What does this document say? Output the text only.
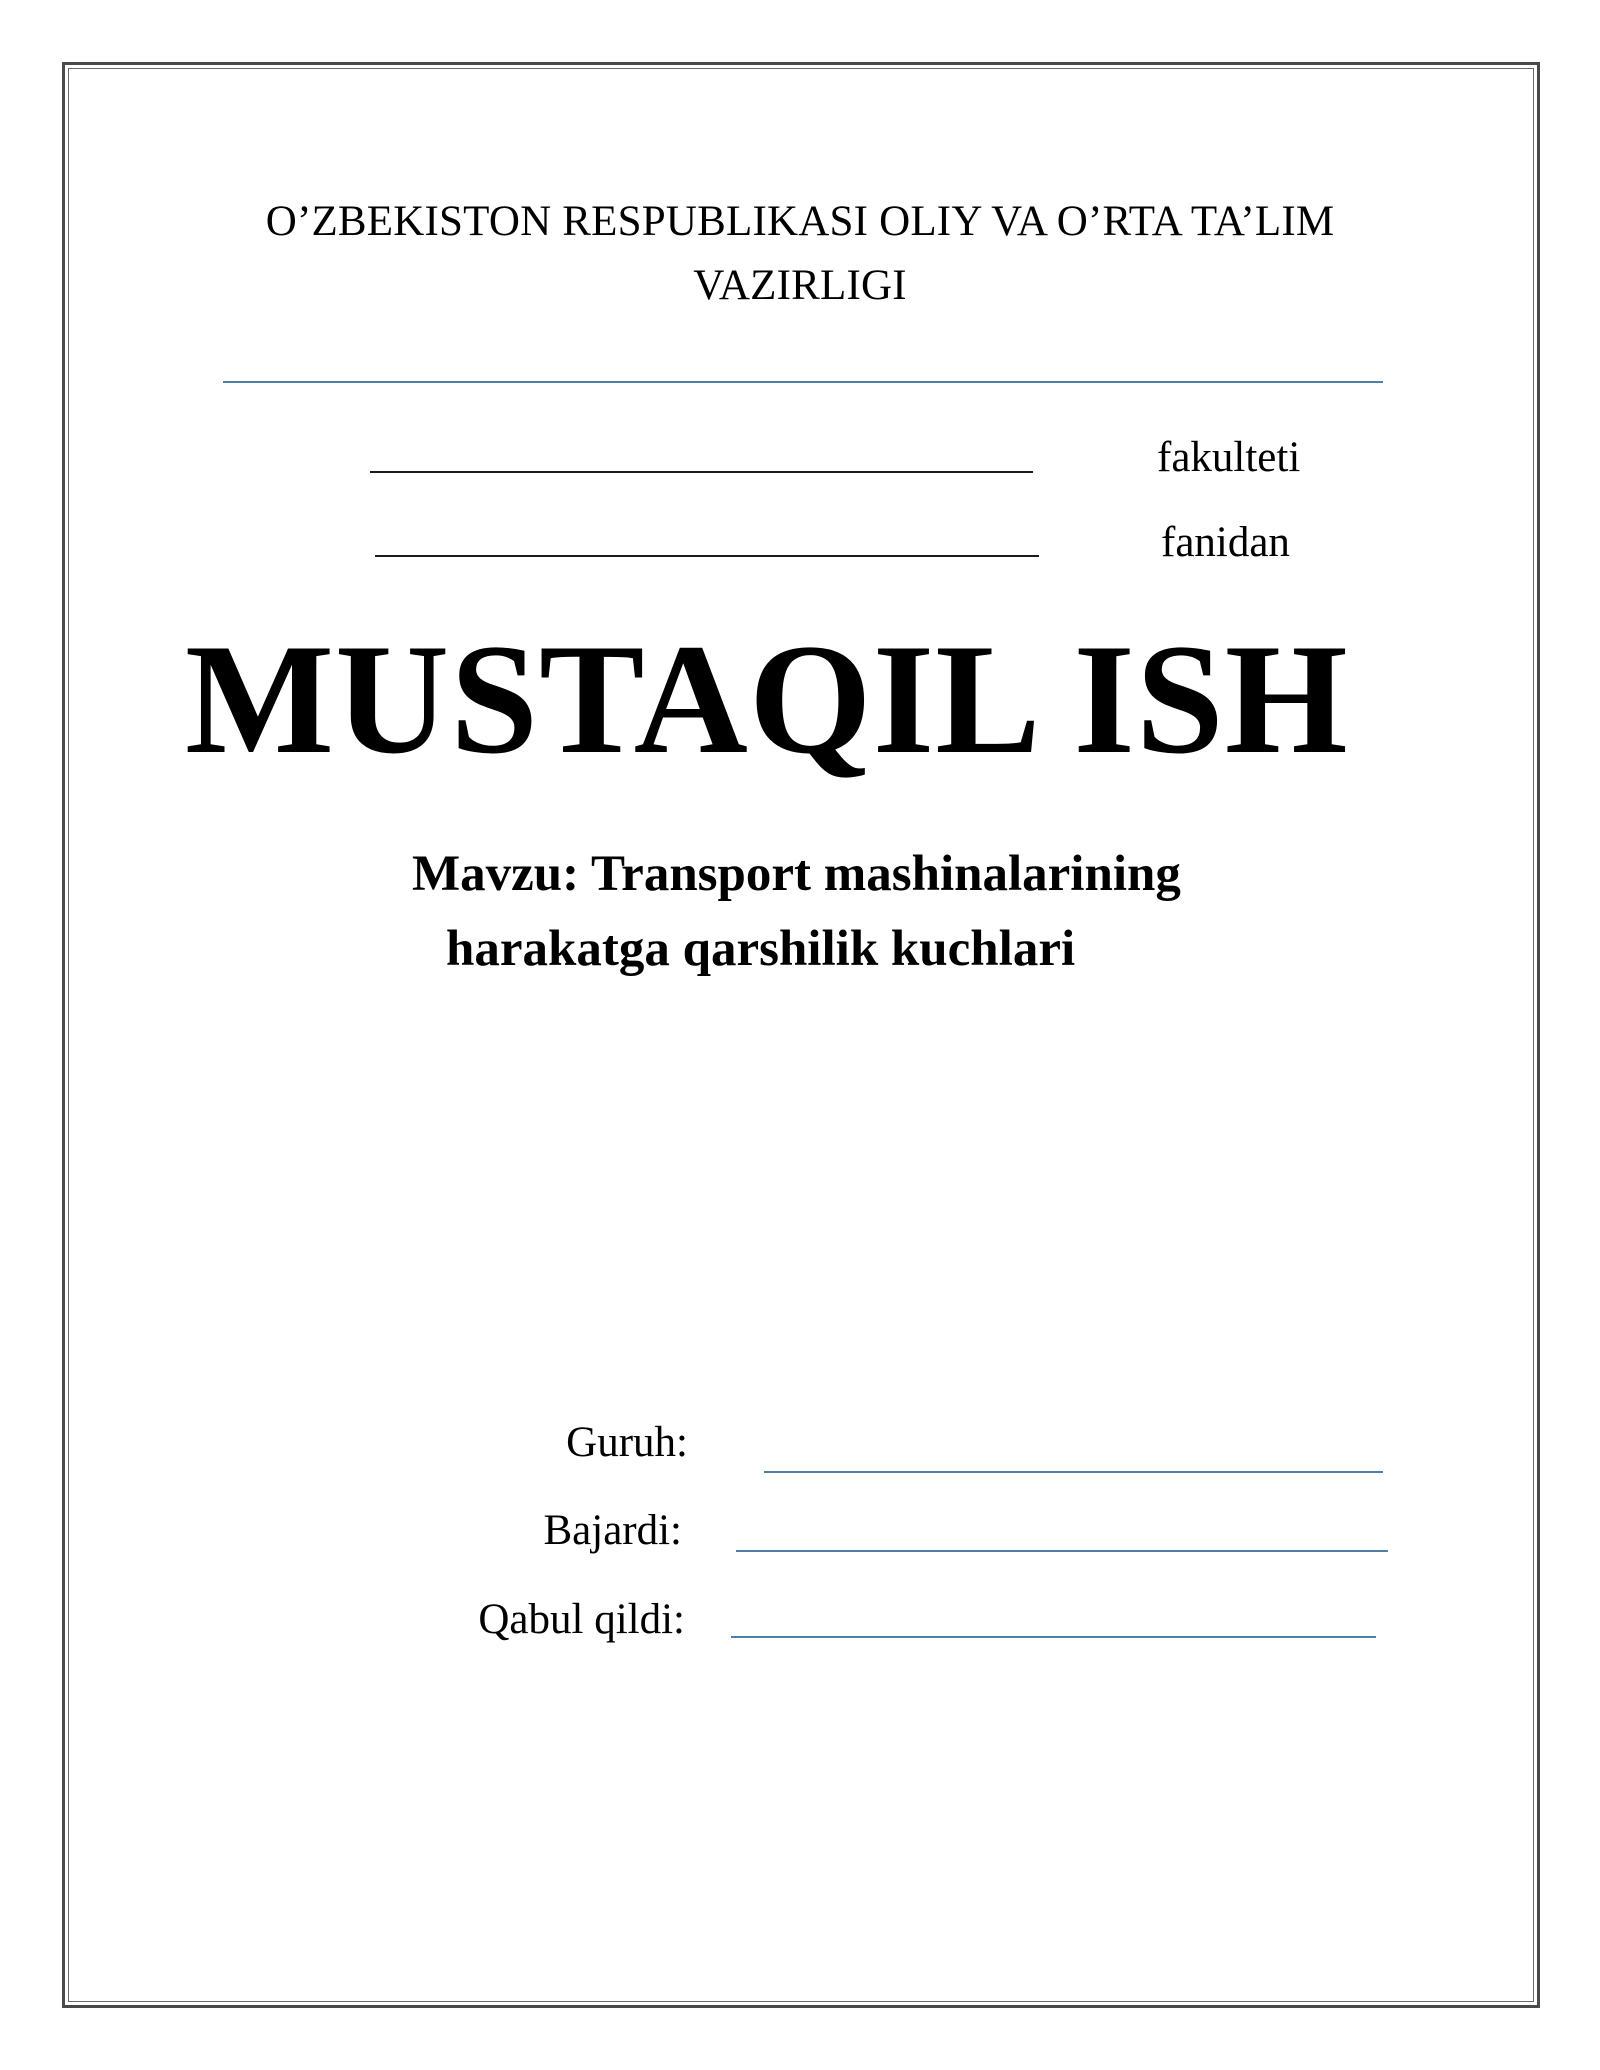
O’ZBEKISTON RESPUBLIKASI OLIY VA O’RTA TA’LIM
VAZIRLIGI
fakulteti
fanidan
MUSTAQIL ISH
Mavzu: Transport mashinalarining
harakatga qarshilik kuchlari
Guruh:
Bajardi:
Qabul qildi:
